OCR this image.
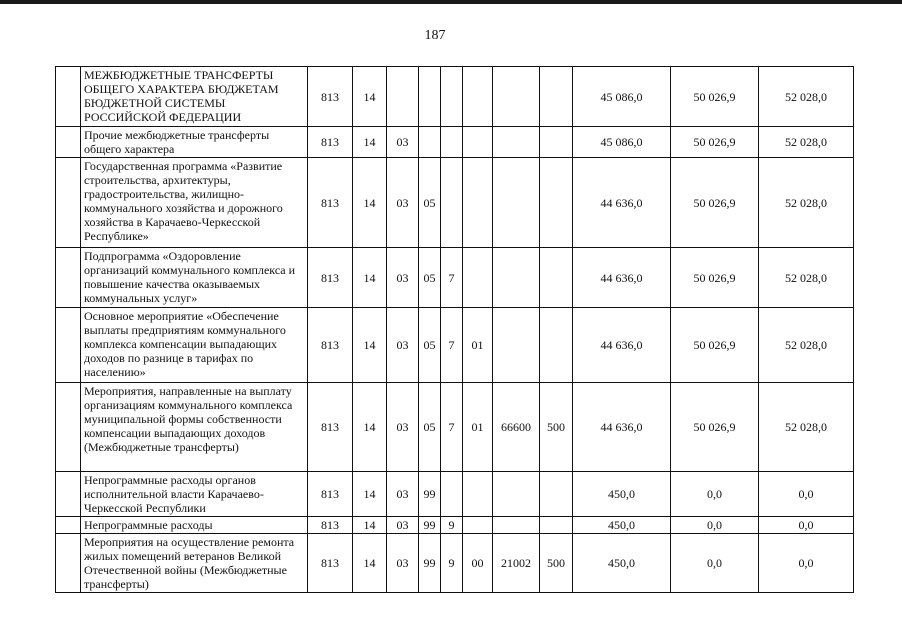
187
	МЕЖБЮДЖЕТНЫЕ ТРАНСФЕРТЫ ОБЩЕГО ХАРАКТЕРА БЮДЖЕТАМ БЮДЖЕТНОЙ СИСТЕМЫ РОССИЙСКОЙ ФЕДЕРАЦИИ	813	14							45 086,0	50 026,9	52 028,0
	Прочие межбюджетные трансферты общего характера	813	14	03						45 086,0	50 026,9	52 028,0
	Государственная программа «Развитие строительства, архитектуры, градостроительства, жилищно-коммунального хозяйства и дорожного хозяйства в Карачаево-Черкесской Республике»	813	14	03	05					44 636,0	50 026,9	52 028,0
	Подпрограмма «Оздоровление организаций коммунального комплекса и повышение качества оказываемых коммунальных услуг»	813	14	03	05	7				44 636,0	50 026,9	52 028,0
	Основное мероприятие «Обеспечение выплаты предприятиям коммунального комплекса компенсации выпадающих доходов по разнице в тарифах по населению»	813	14	03	05	7	01			44 636,0	50 026,9	52 028,0
	Мероприятия, направленные на выплату организациям коммунального комплекса муниципальной формы собственности компенсации выпадающих доходов (Межбюджетные трансферты)	813	14	03	05	7	01	66600	500	44 636,0	50 026,9	52 028,0
	Непрограммные расходы органов исполнительной власти Карачаево-Черкесской Республики	813	14	03	99					450,0	0,0	0,0
	Непрограммные расходы	813	14	03	99	9				450,0	0,0	0,0
	Мероприятия на осуществление ремонта жилых помещений ветеранов Великой Отечественной войны (Межбюджетные трансферты)	813	14	03	99	9	00	21002	500	450,0	0,0	0,0
